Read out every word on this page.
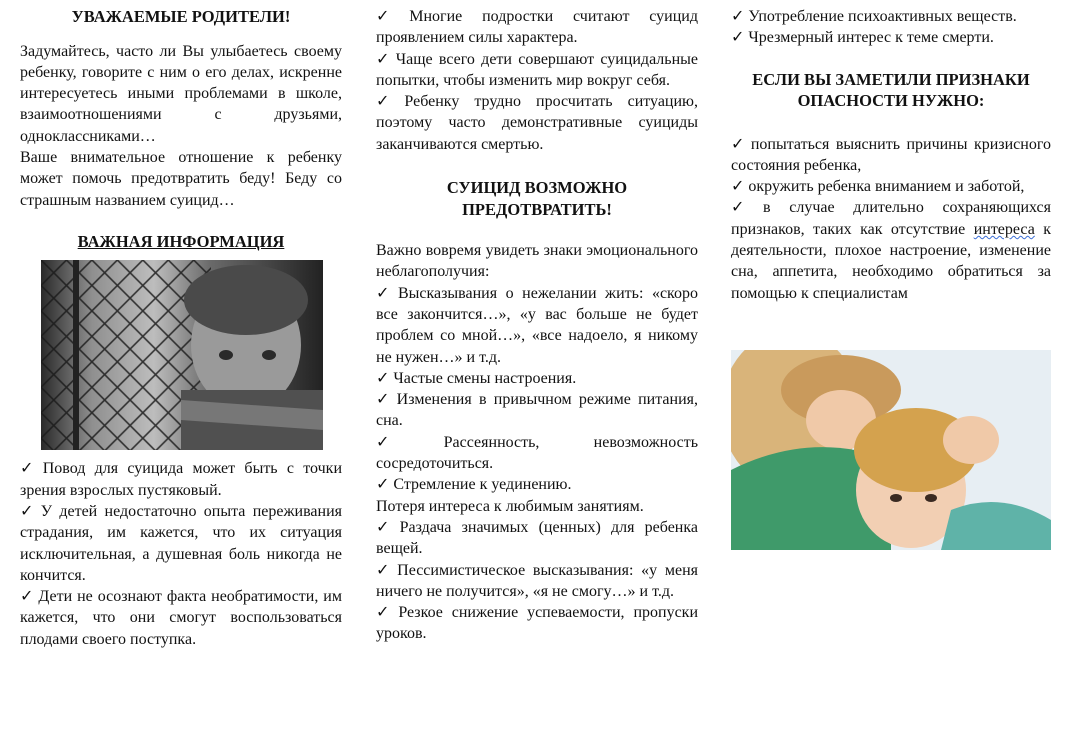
УВАЖАЕМЫЕ РОДИТЕЛИ!

Задумайтесь, часто ли Вы улыбаетесь своему ребенку, говорите с ним о его делах, искренне интересуетесь иными проблемами в школе, взаимоотношениями с друзьями, одноклассниками…

Ваше внимательное отношение к ребенку может помочь предотвратить беду! Беду со страшным названием суицид…

ВАЖНАЯ ИНФОРМАЦИЯ

✓ Повод для суицида может быть с точки зрения взрослых пустяковый.

✓ У детей недостаточно опыта переживания страдания, им кажется, что их ситуация исключительная, а душевная боль никогда не кончится.

✓ Дети не осознают факта необратимости, им кажется, что они смогут воспользоваться плодами своего поступка.

✓ Многие подростки считают суицид проявлением силы характера.

✓ Чаще всего дети совершают суицидальные попытки, чтобы изменить мир вокруг себя.

✓ Ребенку трудно просчитать ситуацию, поэтому часто демонстративные суициды заканчиваются смертью.

СУИЦИД ВОЗМОЖНО ПРЕДОТВРАТИТЬ!

Важно вовремя увидеть знаки эмоционального неблагополучия:

✓ Высказывания о нежелании жить: «скоро все закончится…», «у вас больше не будет проблем со мной…», «все надоело, я никому не нужен…» и т.д.

✓ Частые смены настроения.

✓ Изменения в привычном режиме питания, сна.

✓ Рассеянность, невозможность сосредоточиться.

✓ Стремление к уединению.

Потеря интереса к любимым занятиям.

✓ Раздача значимых (ценных) для ребенка вещей.

✓ Пессимистическое высказывания: «у меня ничего не получится», «я не смогу…» и т.д.

✓ Резкое снижение успеваемости, пропуски уроков.

✓ Употребление психоактивных веществ.

✓ Чрезмерный интерес к теме смерти.

ЕСЛИ ВЫ ЗАМЕТИЛИ ПРИЗНАКИ ОПАСНОСТИ НУЖНО:

✓ попытаться выяснить причины кризисного состояния ребенка,

✓ окружить ребенка вниманием и заботой,

✓ в случае длительно сохраняющихся признаков, таких как отсутствие интереса к деятельности, плохое настроение, изменение сна, аппетита, необходимо обратиться за помощью к специалистам
